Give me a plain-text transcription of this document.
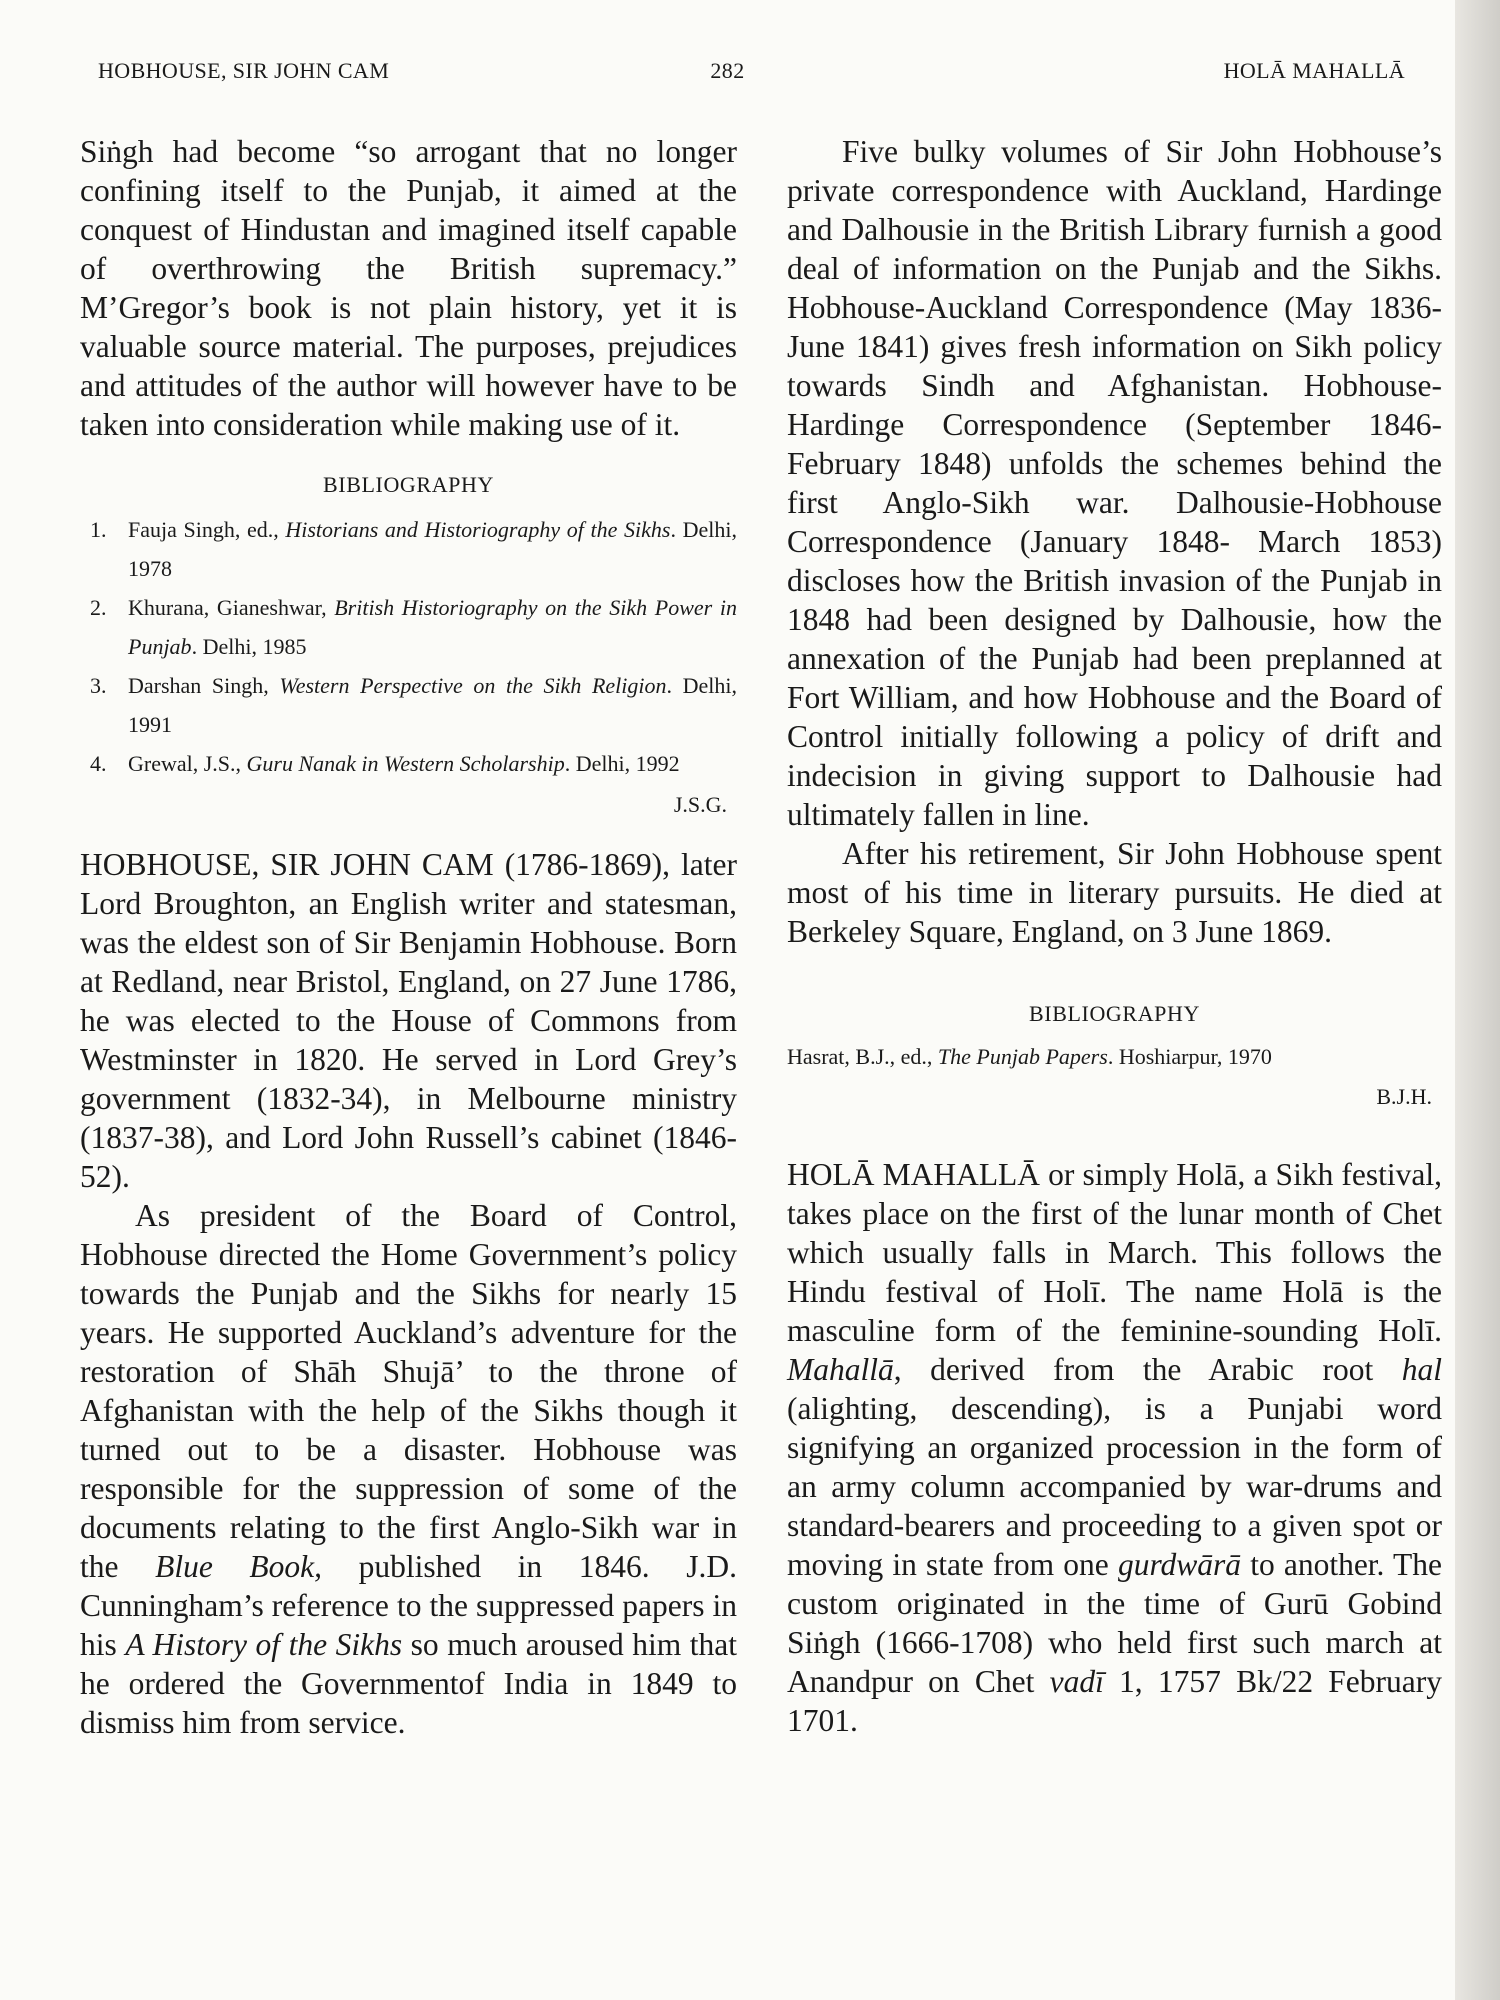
HOBHOUSE, SIR JOHN CAM	282	HOLĀ MAHALLĀ

Siṅgh had become “so arrogant that no longer confining itself to the Punjab, it aimed at the conquest of Hindustan and imagined itself capable of overthrowing the British supremacy.” M’Gregor’s book is not plain history, yet it is valuable source material. The purposes, prejudices and attitudes of the author will however have to be taken into consideration while making use of it.

BIBLIOGRAPHY
1. Fauja Singh, ed., Historians and Historiography of the Sikhs. Delhi, 1978
2. Khurana, Gianeshwar, British Historiography on the Sikh Power in Punjab. Delhi, 1985
3. Darshan Singh, Western Perspective on the Sikh Religion. Delhi, 1991
4. Grewal, J.S., Guru Nanak in Western Scholarship. Delhi, 1992
J.S.G.

HOBHOUSE, SIR JOHN CAM (1786-1869), later Lord Broughton, an English writer and statesman, was the eldest son of Sir Benjamin Hobhouse. Born at Redland, near Bristol, England, on 27 June 1786, he was elected to the House of Commons from Westminster in 1820. He served in Lord Grey’s government (1832-34), in Melbourne ministry (1837-38), and Lord John Russell’s cabinet (1846-52).

As president of the Board of Control, Hobhouse directed the Home Government’s policy towards the Punjab and the Sikhs for nearly 15 years. He supported Auckland’s adventure for the restoration of Shāh Shujā’ to the throne of Afghanistan with the help of the Sikhs though it turned out to be a disaster. Hobhouse was responsible for the suppression of some of the documents relating to the first Anglo-Sikh war in the Blue Book, published in 1846. J.D. Cunningham’s reference to the suppressed papers in his A History of the Sikhs so much aroused him that he ordered the Governmentof India in 1849 to dismiss him from service.

Five bulky volumes of Sir John Hobhouse’s private correspondence with Auckland, Hardinge and Dalhousie in the British Library furnish a good deal of information on the Punjab and the Sikhs. Hobhouse-Auckland Correspondence (May 1836-June 1841) gives fresh information on Sikh policy towards Sindh and Afghanistan. Hobhouse-Hardinge Correspondence (September 1846-February 1848) unfolds the schemes behind the first Anglo-Sikh war. Dalhousie-Hobhouse Correspondence (January 1848- March 1853) discloses how the British invasion of the Punjab in 1848 had been designed by Dalhousie, how the annexation of the Punjab had been preplanned at Fort William, and how Hobhouse and the Board of Control initially following a policy of drift and indecision in giving support to Dalhousie had ultimately fallen in line.

After his retirement, Sir John Hobhouse spent most of his time in literary pursuits. He died at Berkeley Square, England, on 3 June 1869.

BIBLIOGRAPHY
Hasrat, B.J., ed., The Punjab Papers. Hoshiarpur, 1970
B.J.H.

HOLĀ MAHALLĀ or simply Holā, a Sikh festival, takes place on the first of the lunar month of Chet which usually falls in March. This follows the Hindu festival of Holī. The name Holā is the masculine form of the feminine-sounding Holī. Mahallā, derived from the Arabic root hal (alighting, descending), is a Punjabi word signifying an organized procession in the form of an army column accompanied by war-drums and standard-bearers and proceeding to a given spot or moving in state from one gurdwārā to another. The custom originated in the time of Gurū Gobind Siṅgh (1666-1708) who held first such march at Anandpur on Chet vadī 1, 1757 Bk/22 February 1701.
